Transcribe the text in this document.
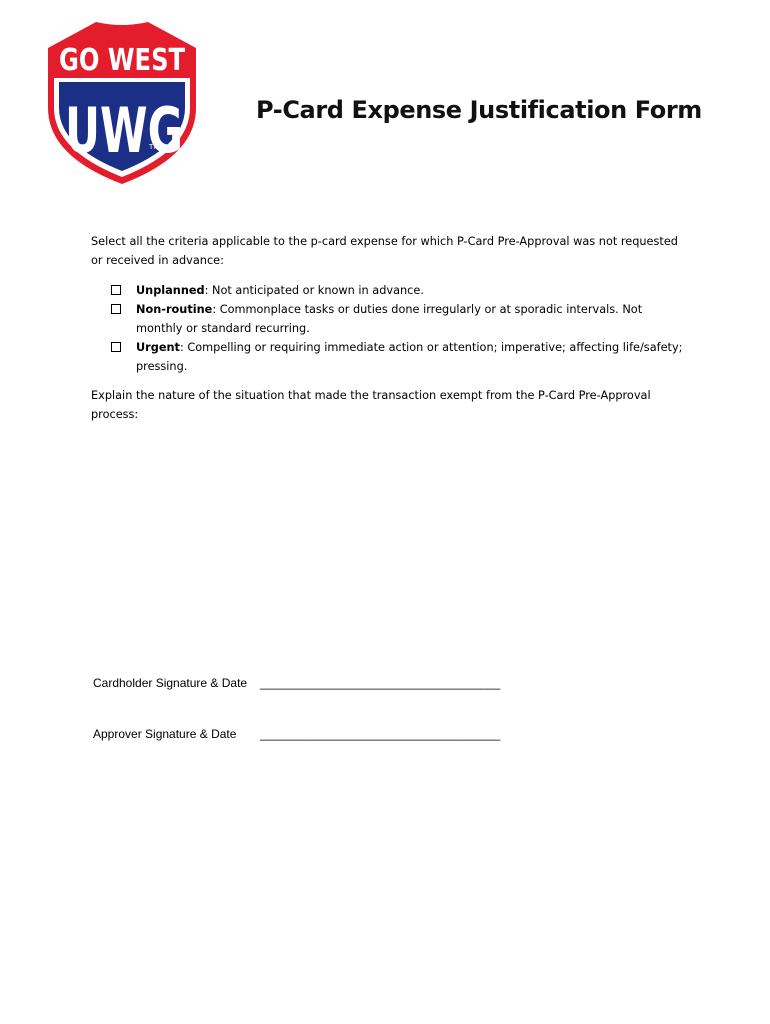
GO WEST
UWG
TM
P-Card Expense Justification Form

Select all the criteria applicable to the p-card expense for which P-Card Pre-Approval was not requested or received in advance:

Unplanned: Not anticipated or known in advance.
Non-routine: Commonplace tasks or duties done irregularly or at sporadic intervals. Not monthly or standard recurring.
Urgent: Compelling or requiring immediate action or attention; imperative; affecting life/safety; pressing.

Explain the nature of the situation that made the transaction exempt from the P-Card Pre-Approval process:

Cardholder Signature & Date ____________________________________
Approver Signature & Date ____________________________________
